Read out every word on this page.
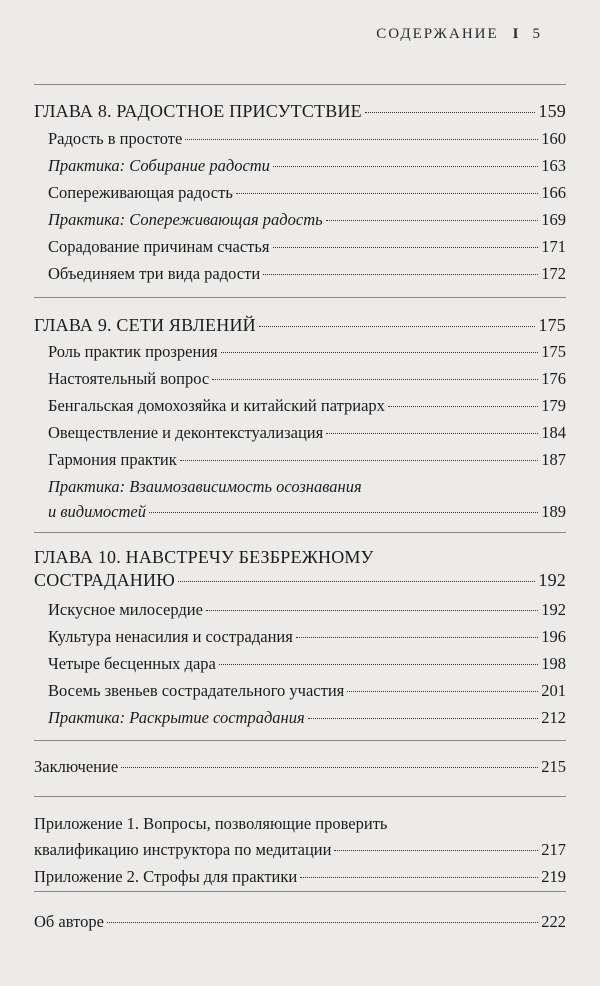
СОДЕРЖАНИЕ I 5
ГЛАВА 8. РАДОСТНОЕ ПРИСУТСТВИЕ	159
Радость в простоте	160
Практика: Собирание радости	163
Сопереживающая радость	166
Практика: Сопереживающая радость	169
Сорадование причинам счастья	171
Объединяем три вида радости	172
ГЛАВА 9. СЕТИ ЯВЛЕНИЙ	175
Роль практик прозрения	175
Настоятельный вопрос	176
Бенгальская домохозяйка и китайский патриарх	179
Овеществление и деконтекстуализация	184
Гармония практик	187
Практика: Взаимозависимость осознавания
и видимостей	189
ГЛАВА 10. НАВСТРЕЧУ БЕЗБРЕЖНОМУ
СОСТРАДАНИЮ	192
Искусное милосердие	192
Культура ненасилия и сострадания	196
Четыре бесценных дара	198
Восемь звеньев сострадательного участия	201
Практика: Раскрытие сострадания	212
Заключение	215
Приложение 1. Вопросы, позволяющие проверить
квалификацию инструктора по медитации	217
Приложение 2. Строфы для практики	219
Об авторе	222
